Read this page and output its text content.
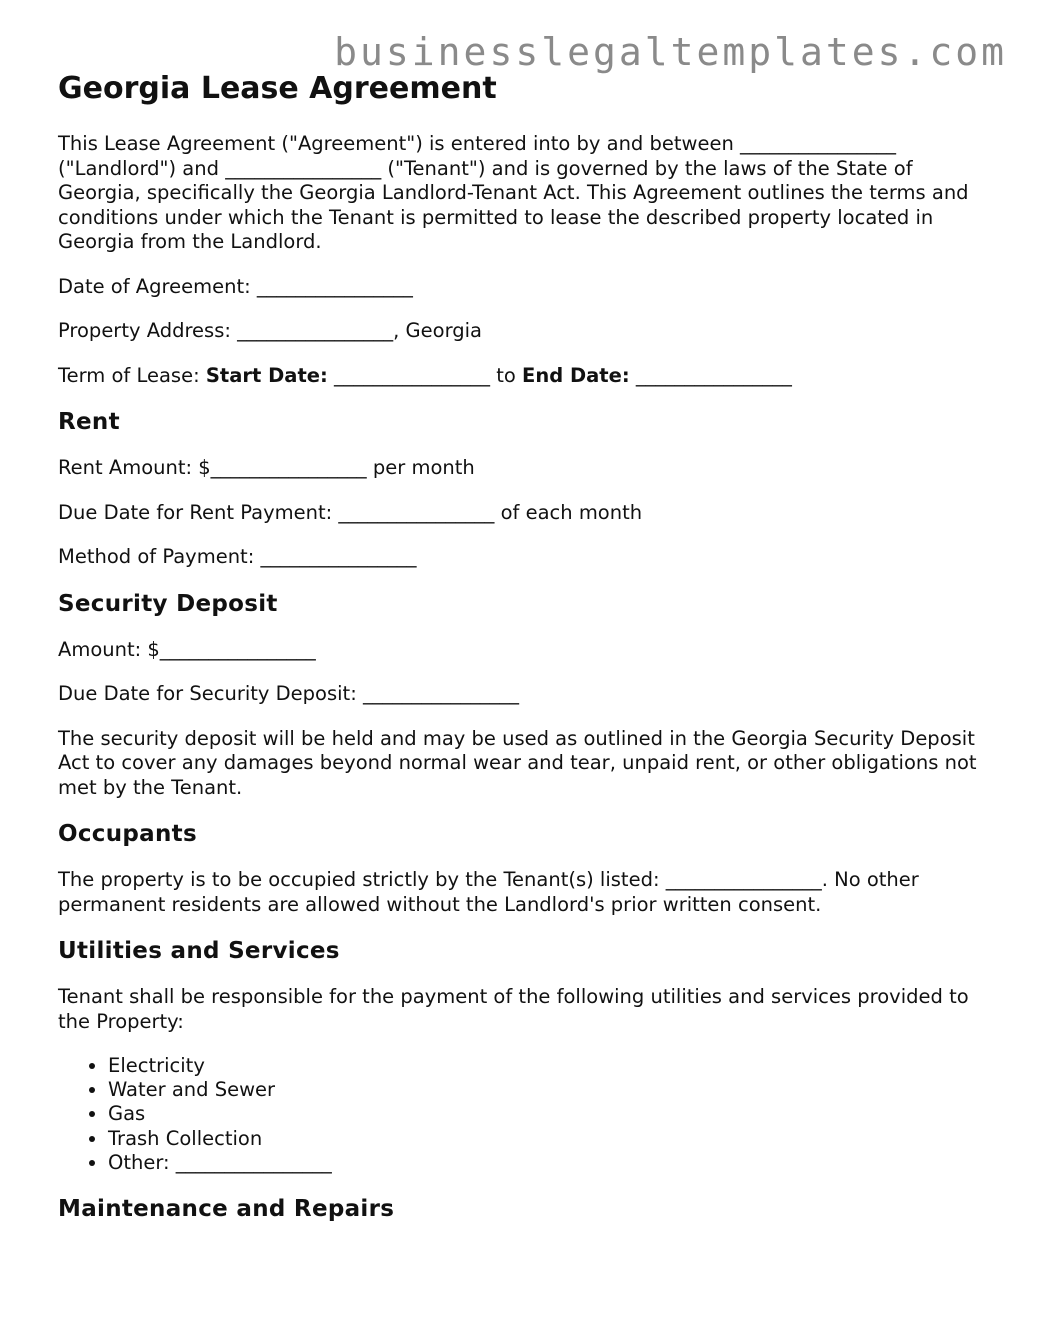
businesslegaltemplates.com
Georgia Lease Agreement

This Lease Agreement ("Agreement") is entered into by and between ________________ ("Landlord") and ________________ ("Tenant") and is governed by the laws of the State of Georgia, specifically the Georgia Landlord-Tenant Act. This Agreement outlines the terms and conditions under which the Tenant is permitted to lease the described property located in Georgia from the Landlord.

Date of Agreement: ________________

Property Address: ________________, Georgia

Term of Lease: Start Date: ________________ to End Date: ________________

Rent

Rent Amount: $________________ per month

Due Date for Rent Payment: ________________ of each month

Method of Payment: ________________

Security Deposit

Amount: $________________

Due Date for Security Deposit: ________________

The security deposit will be held and may be used as outlined in the Georgia Security Deposit Act to cover any damages beyond normal wear and tear, unpaid rent, or other obligations not met by the Tenant.

Occupants

The property is to be occupied strictly by the Tenant(s) listed: ________________. No other permanent residents are allowed without the Landlord's prior written consent.

Utilities and Services

Tenant shall be responsible for the payment of the following utilities and services provided to the Property:

• Electricity
• Water and Sewer
• Gas
• Trash Collection
• Other: ________________
Maintenance and Repairs
